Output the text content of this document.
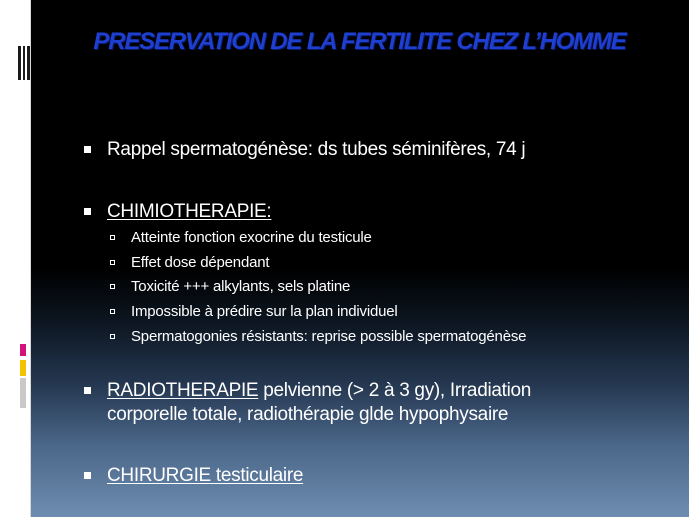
PRESERVATION DE LA FERTILITE CHEZ L’HOMME
Rappel spermatogénèse: ds tubes séminifères, 74 j
CHIMIOTHERAPIE:
Atteinte fonction exocrine du testicule
Effet dose dépendant
Toxicité +++ alkylants, sels platine
Impossible à prédire sur la plan individuel
Spermatogonies résistants: reprise possible spermatogénèse
RADIOTHERAPIE pelvienne (> 2 à 3 gy), Irradiation
corporelle totale, radiothérapie glde hypophysaire
CHIRURGIE testiculaire
